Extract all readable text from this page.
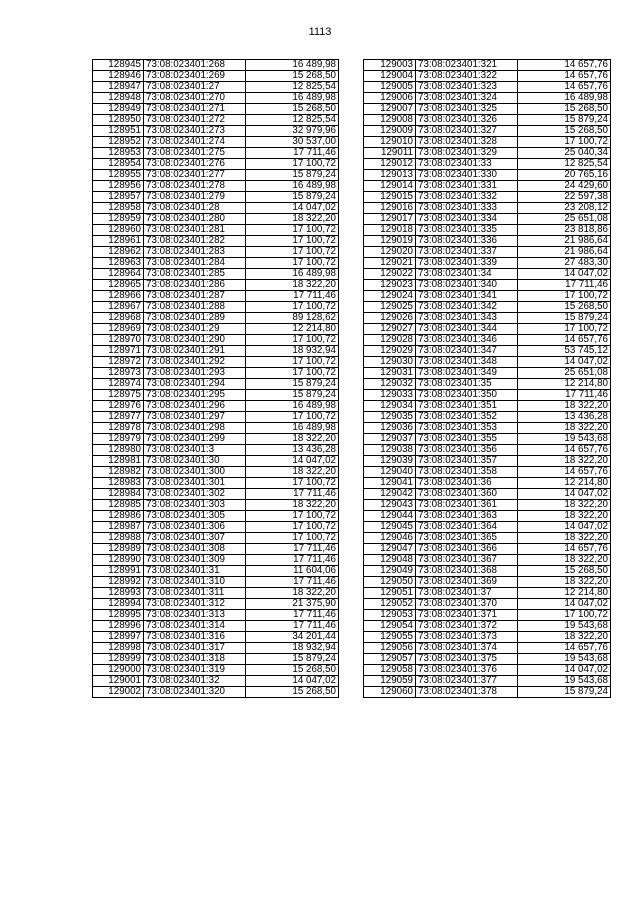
1113
128945	73:08:023401:268	16 489,98
128946	73:08:023401:269	15 268,50
128947	73:08:023401:27	12 825,54
128948	73:08:023401:270	16 489,98
128949	73:08:023401:271	15 268,50
128950	73:08:023401:272	12 825,54
128951	73:08:023401:273	32 979,96
128952	73:08:023401:274	30 537,00
128953	73:08:023401:275	17 711,46
128954	73:08:023401:276	17 100,72
128955	73:08:023401:277	15 879,24
128956	73:08:023401:278	16 489,98
128957	73:08:023401:279	15 879,24
128958	73:08:023401:28	14 047,02
128959	73:08:023401:280	18 322,20
128960	73:08:023401:281	17 100,72
128961	73:08:023401:282	17 100,72
128962	73:08:023401:283	17 100,72
128963	73:08:023401:284	17 100,72
128964	73:08:023401:285	16 489,98
128965	73:08:023401:286	18 322,20
128966	73:08:023401:287	17 711,46
128967	73:08:023401:288	17 100,72
128968	73:08:023401:289	89 128,62
128969	73:08:023401:29	12 214,80
128970	73:08:023401:290	17 100,72
128971	73:08:023401:291	18 932,94
128972	73:08:023401:292	17 100,72
128973	73:08:023401:293	17 100,72
128974	73:08:023401:294	15 879,24
128975	73:08:023401:295	15 879,24
128976	73:08:023401:296	16 489,98
128977	73:08:023401:297	17 100,72
128978	73:08:023401:298	16 489,98
128979	73:08:023401:299	18 322,20
128980	73:08:023401:3	13 436,28
128981	73:08:023401:30	14 047,02
128982	73:08:023401:300	18 322,20
128983	73:08:023401:301	17 100,72
128984	73:08:023401:302	17 711,46
128985	73:08:023401:303	18 322,20
128986	73:08:023401:305	17 100,72
128987	73:08:023401:306	17 100,72
128988	73:08:023401:307	17 100,72
128989	73:08:023401:308	17 711,46
128990	73:08:023401:309	17 711,46
128991	73:08:023401:31	11 604,06
128992	73:08:023401:310	17 711,46
128993	73:08:023401:311	18 322,20
128994	73:08:023401:312	21 375,90
128995	73:08:023401:313	17 711,46
128996	73:08:023401:314	17 711,46
128997	73:08:023401:316	34 201,44
128998	73:08:023401:317	18 932,94
128999	73:08:023401:318	15 879,24
129000	73:08:023401:319	15 268,50
129001	73:08:023401:32	14 047,02
129002	73:08:023401:320	15 268,50
129003	73:08:023401:321	14 657,76
129004	73:08:023401:322	14 657,76
129005	73:08:023401:323	14 657,76
129006	73:08:023401:324	16 489,98
129007	73:08:023401:325	15 268,50
129008	73:08:023401:326	15 879,24
129009	73:08:023401:327	15 268,50
129010	73:08:023401:328	17 100,72
129011	73:08:023401:329	25 040,34
129012	73:08:023401:33	12 825,54
129013	73:08:023401:330	20 765,16
129014	73:08:023401:331	24 429,60
129015	73:08:023401:332	22 597,38
129016	73:08:023401:333	23 208,12
129017	73:08:023401:334	25 651,08
129018	73:08:023401:335	23 818,86
129019	73:08:023401:336	21 986,64
129020	73:08:023401:337	21 986,64
129021	73:08:023401:339	27 483,30
129022	73:08:023401:34	14 047,02
129023	73:08:023401:340	17 711,46
129024	73:08:023401:341	17 100,72
129025	73:08:023401:342	15 268,50
129026	73:08:023401:343	15 879,24
129027	73:08:023401:344	17 100,72
129028	73:08:023401:346	14 657,76
129029	73:08:023401:347	53 745,12
129030	73:08:023401:348	14 047,02
129031	73:08:023401:349	25 651,08
129032	73:08:023401:35	12 214,80
129033	73:08:023401:350	17 711,46
129034	73:08:023401:351	18 322,20
129035	73:08:023401:352	13 436,28
129036	73:08:023401:353	18 322,20
129037	73:08:023401:355	19 543,68
129038	73:08:023401:356	14 657,76
129039	73:08:023401:357	18 322,20
129040	73:08:023401:358	14 657,76
129041	73:08:023401:36	12 214,80
129042	73:08:023401:360	14 047,02
129043	73:08:023401:361	18 322,20
129044	73:08:023401:363	18 322,20
129045	73:08:023401:364	14 047,02
129046	73:08:023401:365	18 322,20
129047	73:08:023401:366	14 657,76
129048	73:08:023401:367	18 322,20
129049	73:08:023401:368	15 268,50
129050	73:08:023401:369	18 322,20
129051	73:08:023401:37	12 214,80
129052	73:08:023401:370	14 047,02
129053	73:08:023401:371	17 100,72
129054	73:08:023401:372	19 543,68
129055	73:08:023401:373	18 322,20
129056	73:08:023401:374	14 657,76
129057	73:08:023401:375	19 543,68
129058	73:08:023401:376	14 047,02
129059	73:08:023401:377	19 543,68
129060	73:08:023401:378	15 879,24
